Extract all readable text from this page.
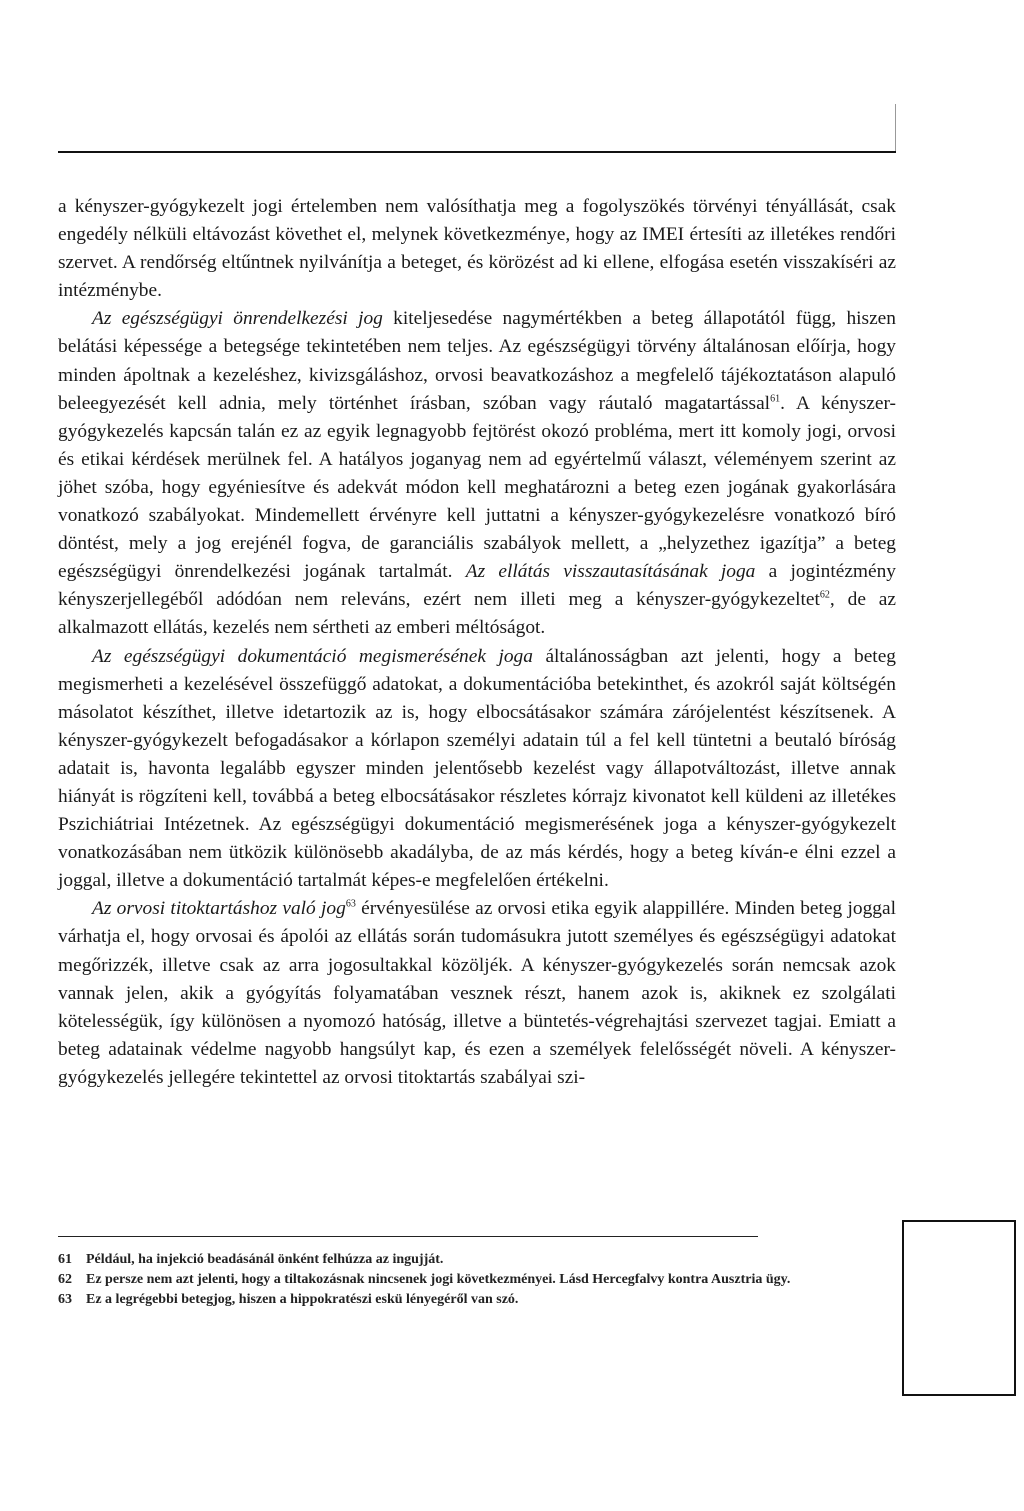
a kényszer-gyógykezelt jogi értelemben nem valósíthatja meg a fogolyszökés törvényi tényállását, csak engedély nélküli eltávozást követhet el, melynek következménye, hogy az IMEI értesíti az illetékes rendőri szervet. A rendőrség eltűntnek nyilvánítja a beteget, és körözést ad ki ellene, elfogása esetén visszakíséri az intézménybe.

Az egészségügyi önrendelkezési jog kiteljesedése nagymértékben a beteg állapotától függ, hiszen belátási képessége a betegsége tekintetében nem teljes. Az egészségügyi törvény általánosan előírja, hogy minden ápoltnak a kezeléshez, kivizsgáláshoz, orvosi beavatkozáshoz a megfelelő tájékoztatáson alapuló beleegyezését kell adnia, mely történhet írásban, szóban vagy ráutaló magatartással$^{61}$. A kényszer-gyógykezelés kapcsán talán ez az egyik legnagyobb fejtörést okozó probléma, mert itt komoly jogi, orvosi és etikai kérdések merülnek fel. A hatályos joganyag nem ad egyértelmű választ, véleményem szerint az jöhet szóba, hogy egyéniesítve és adekvát módon kell meghatározni a beteg ezen jogának gyakorlására vonatkozó szabályokat. Mindemellett érvényre kell juttatni a kényszer-gyógykezelésre vonatkozó bíró döntést, mely a jog erejénél fogva, de garanciális szabályok mellett, a „helyzethez igazítja” a beteg egészségügyi önrendelkezési jogának tartalmát. Az ellátás visszautasításának joga a jogintézmény kényszerjellegéből adódóan nem releváns, ezért nem illeti meg a kényszer-gyógykezeltet$^{62}$, de az alkalmazott ellátás, kezelés nem sértheti az emberi méltóságot.

Az egészségügyi dokumentáció megismerésének joga általánosságban azt jelenti, hogy a beteg megismerheti a kezelésével összefüggő adatokat, a dokumentációba betekinthet, és azokról saját költségén másolatot készíthet, illetve idetartozik az is, hogy elbocsátásakor számára zárójelentést készítsenek. A kényszer-gyógykezelt befogadásakor a kórlapon személyi adatain túl a fel kell tüntetni a beutaló bíróság adatait is, havonta legalább egyszer minden jelentősebb kezelést vagy állapotváltozást, illetve annak hiányát is rögzíteni kell, továbbá a beteg elbocsátásakor részletes kórrajz kivonatot kell küldeni az illetékes Pszichiátriai Intézetnek. Az egészségügyi dokumentáció megismerésének joga a kényszer-gyógykezelt vonatkozásában nem ütközik különösebb akadályba, de az más kérdés, hogy a beteg kíván-e élni ezzel a joggal, illetve a dokumentáció tartalmát képes-e megfelelően értékelni.

Az orvosi titoktartáshoz való jog$^{63}$ érvényesülése az orvosi etika egyik alappillére. Minden beteg joggal várhatja el, hogy orvosai és ápolói az ellátás során tudomásukra jutott személyes és egészségügyi adatokat megőrizzék, illetve csak az arra jogosultakkal közöljék. A kényszer-gyógykezelés során nemcsak azok vannak jelen, akik a gyógyítás folyamatában vesznek részt, hanem azok is, akiknek ez szolgálati kötelességük, így különösen a nyomozó hatóság, illetve a büntetés-végrehajtási szervezet tagjai. Emiatt a beteg adatainak védelme nagyobb hangsúlyt kap, és ezen a személyek felelősségét növeli. A kényszer-gyógykezelés jellegére tekintettel az orvosi titoktartás szabályai szi-

61	Például, ha injekció beadásánál önként felhúzza az ingujját.
62	Ez persze nem azt jelenti, hogy a tiltakozásnak nincsenek jogi következményei. Lásd Hercegfalvy kontra Ausztria ügy.
63	Ez a legrégebbi betegjog, hiszen a hippokratészi eskü lényegéről van szó.
